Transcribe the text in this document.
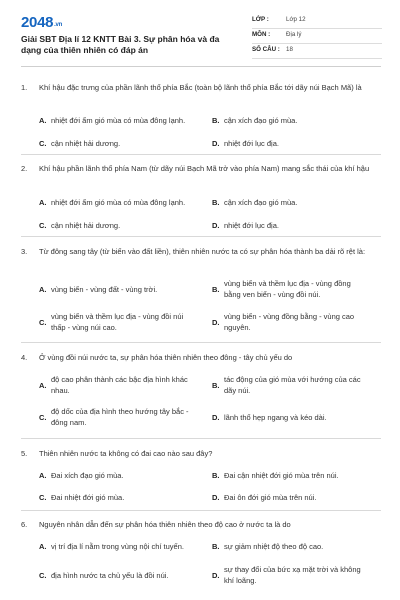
2048.vn
Giải SBT Địa lí 12 KNTT Bài 3. Sự phân hóa và đa dạng của thiên nhiên có đáp án
LỚP :	Lớp 12
MÔN :	Địa lý
SỐ CÂU : 18
1. Khí hậu đặc trưng của phần lãnh thổ phía Bắc (toàn bộ lãnh thổ phía Bắc tới dãy núi Bạch Mã) là
A. nhiệt đới ẩm gió mùa có mùa đông lạnh.	B. cận xích đạo gió mùa.
C. cận nhiệt hải dương.	D. nhiệt đới lục địa.
2. Khí hậu phần lãnh thổ phía Nam (từ dãy núi Bạch Mã trở vào phía Nam) mang sắc thái của khí hậu
A. nhiệt đới ẩm gió mùa có mùa đông lạnh.	B. cận xích đạo gió mùa.
C. cận nhiệt hải dương.	D. nhiệt đới lục địa.
3. Từ đông sang tây (từ biển vào đất liền), thiên nhiên nước ta có sự phân hóa thành ba dải rõ rệt là:
A. vùng biển - vùng đất - vùng trời.	B.
vùng biển và thềm lục địa - vùng đồng bằng ven biển - vùng đồi núi.
C.
vùng biển và thềm lục địa - vùng đồi núi thấp - vùng núi cao.
D.
vùng biển - vùng đồng bằng - vùng cao nguyên.
4. Ở vùng đồi núi nước ta, sự phân hóa thiên nhiên theo đông - tây chủ yếu do
A.
độ cao phân thành các bậc địa hình khác nhau.
B.
tác động của gió mùa với hướng của các dãy núi.
C.
độ dốc của địa hình theo hướng tây bắc - đông nam.
D. lãnh thổ hẹp ngang và kéo dài.
5. Thiên nhiên nước ta không có đai cao nào sau đây?
A. Đai xích đạo gió mùa.	B. Đai cận nhiệt đới gió mùa trên núi.
C. Đai nhiệt đới gió mùa.	D. Đai ôn đới gió mùa trên núi.
6. Nguyên nhân dẫn đến sự phân hóa thiên nhiên theo độ cao ở nước ta là do
A. vị trí địa lí nằm trong vùng nội chí tuyến.	B. sự giảm nhiệt độ theo độ cao.
C. địa hình nước ta chủ yếu là đồi núi.	D.
sự thay đổi của bức xạ mặt trời và không khí loãng.
